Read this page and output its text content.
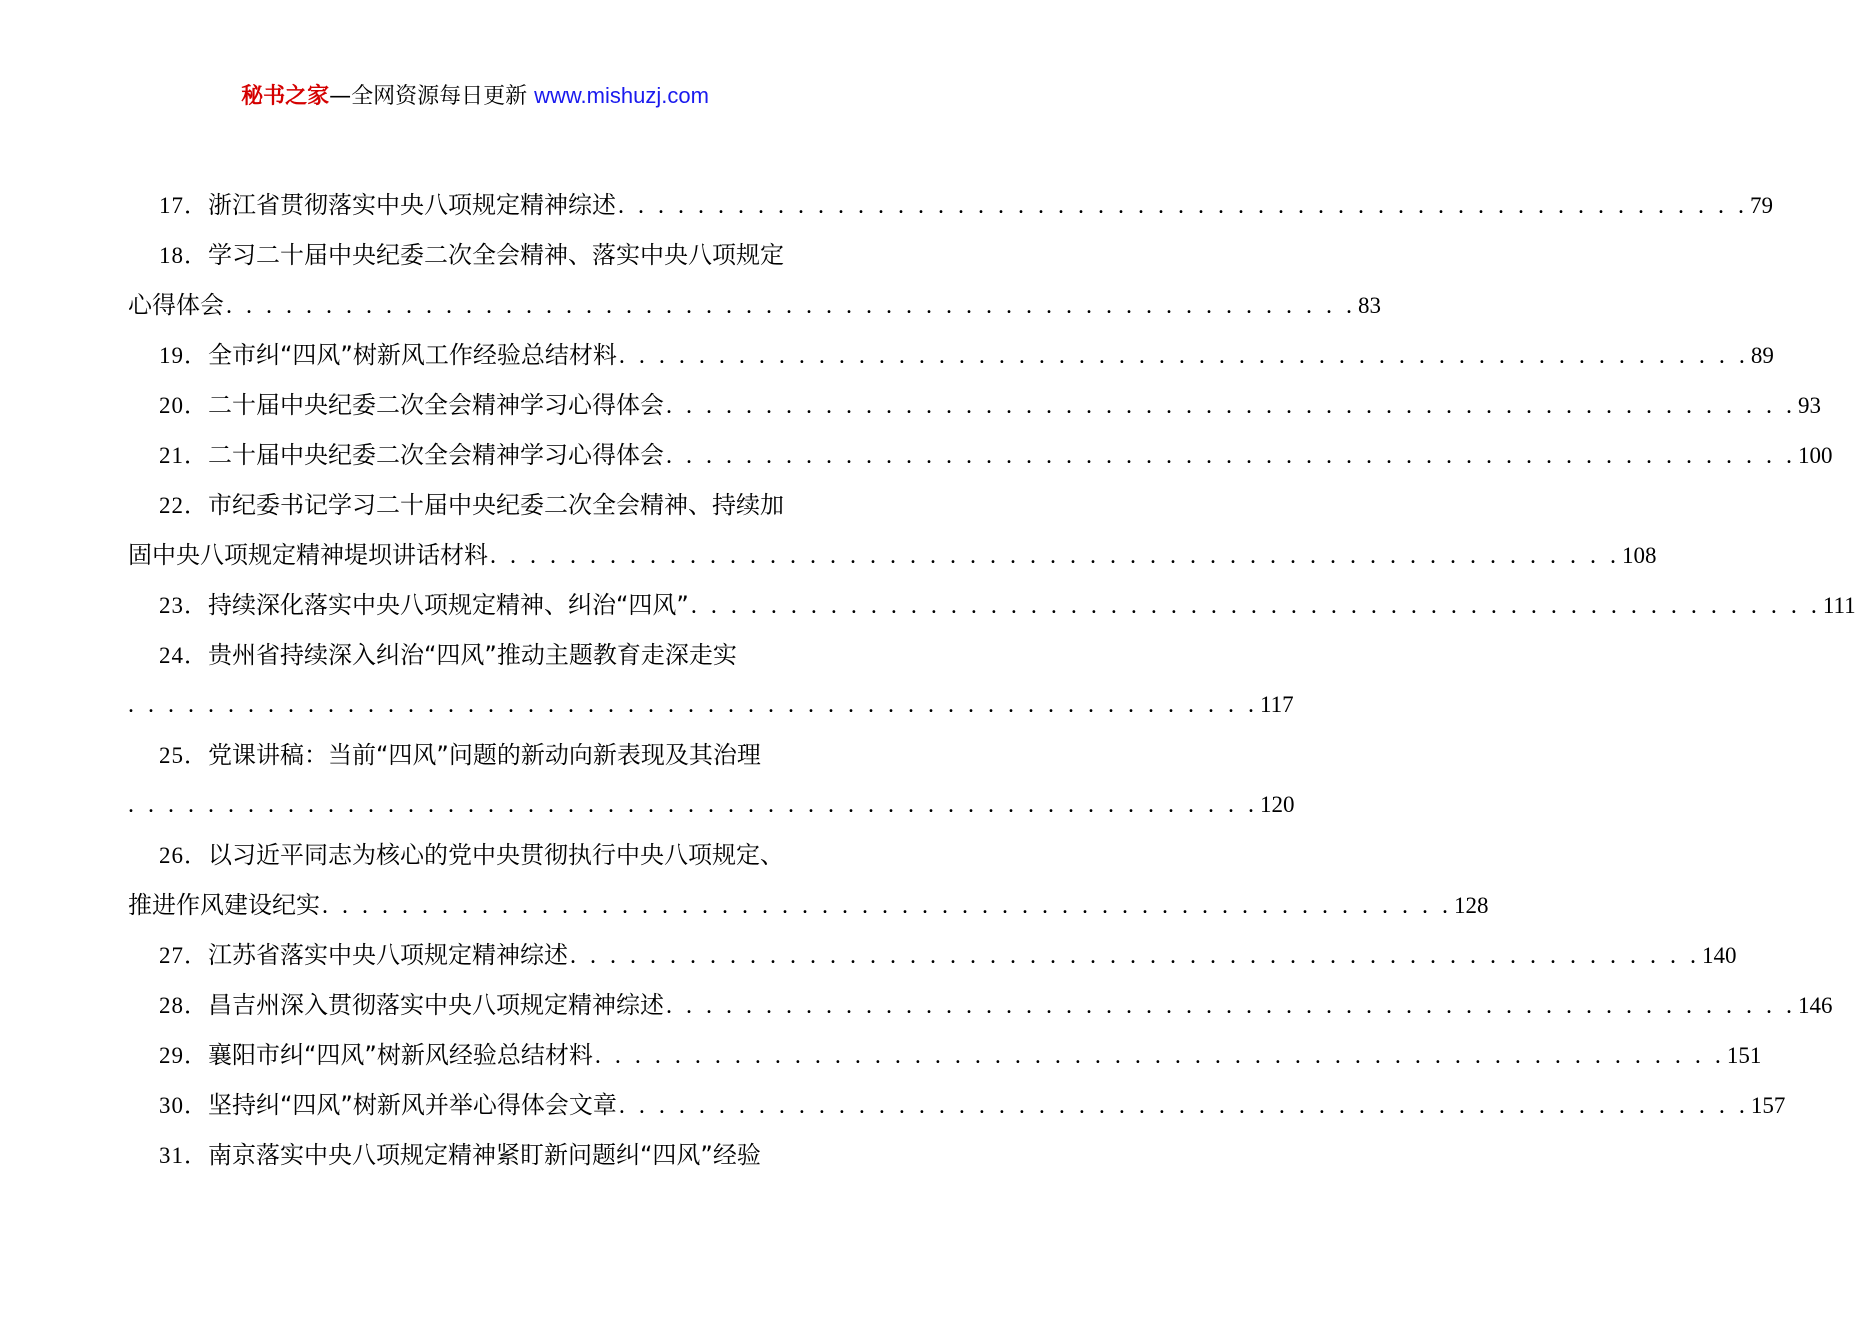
秘书之家—全网资源每日更新 www.mishuzj.com
17． 浙江省贯彻落实中央八项规定精神综述 . . . . . . . . . . . . . . . . . . . . . . . . . . . . . . . . . . . . . . . . . . . . . . . . . . . . . . . . . 79
18． 学习二十届中央纪委二次全会精神、落实中央八项规定
心得体会 . . . . . . . . . . . . . . . . . . . . . . . . . . . . . . . . . . . . . . . . . . . . . . . . . . . . . . . . . 83
19． 全市纠“四风”树新风工作经验总结材料 . . . . . . . . . . . . . . . . . . . . . . . . . . . . . . . . . . . . . . . . . . . . . . . . . . . . . . . . . 89
20． 二十届中央纪委二次全会精神学习心得体会 . . . . . . . . . . . . . . . . . . . . . . . . . . . . . . . . . . . . . . . . . . . . . . . . . . . . . . . . . 93
21． 二十届中央纪委二次全会精神学习心得体会 . . . . . . . . . . . . . . . . . . . . . . . . . . . . . . . . . . . . . . . . . . . . . . . . . . . . . . . . . 100
22． 市纪委书记学习二十届中央纪委二次全会精神、持续加
固中央八项规定精神堤坝讲话材料 . . . . . . . . . . . . . . . . . . . . . . . . . . . . . . . . . . . . . . . . . . . . . . . . . . . . . . . . . 108
23． 持续深化落实中央八项规定精神、纠治“四风” . . . . . . . . . . . . . . . . . . . . . . . . . . . . . . . . . . . . . . . . . . . . . . . . . . . . . . . . . 111
24． 贵州省持续深入纠治“四风”推动主题教育走深走实
. . . . . . . . . . . . . . . . . . . . . . . . . . . . . . . . . . . . . . . . . . . . . . . . . . . . . . . . . 117
25． 党课讲稿：当前“四风”问题的新动向新表现及其治理
. . . . . . . . . . . . . . . . . . . . . . . . . . . . . . . . . . . . . . . . . . . . . . . . . . . . . . . . . 120
26． 以习近平同志为核心的党中央贯彻执行中央八项规定、
推进作风建设纪实 . . . . . . . . . . . . . . . . . . . . . . . . . . . . . . . . . . . . . . . . . . . . . . . . . . . . . . . . . 128
27． 江苏省落实中央八项规定精神综述 . . . . . . . . . . . . . . . . . . . . . . . . . . . . . . . . . . . . . . . . . . . . . . . . . . . . . . . . . 140
28． 昌吉州深入贯彻落实中央八项规定精神综述 . . . . . . . . . . . . . . . . . . . . . . . . . . . . . . . . . . . . . . . . . . . . . . . . . . . . . . . . . 146
29． 襄阳市纠“四风”树新风经验总结材料 . . . . . . . . . . . . . . . . . . . . . . . . . . . . . . . . . . . . . . . . . . . . . . . . . . . . . . . . . 151
30． 坚持纠“四风”树新风并举心得体会文章 . . . . . . . . . . . . . . . . . . . . . . . . . . . . . . . . . . . . . . . . . . . . . . . . . . . . . . . . . 157
31． 南京落实中央八项规定精神紧盯新问题纠“四风”经验
